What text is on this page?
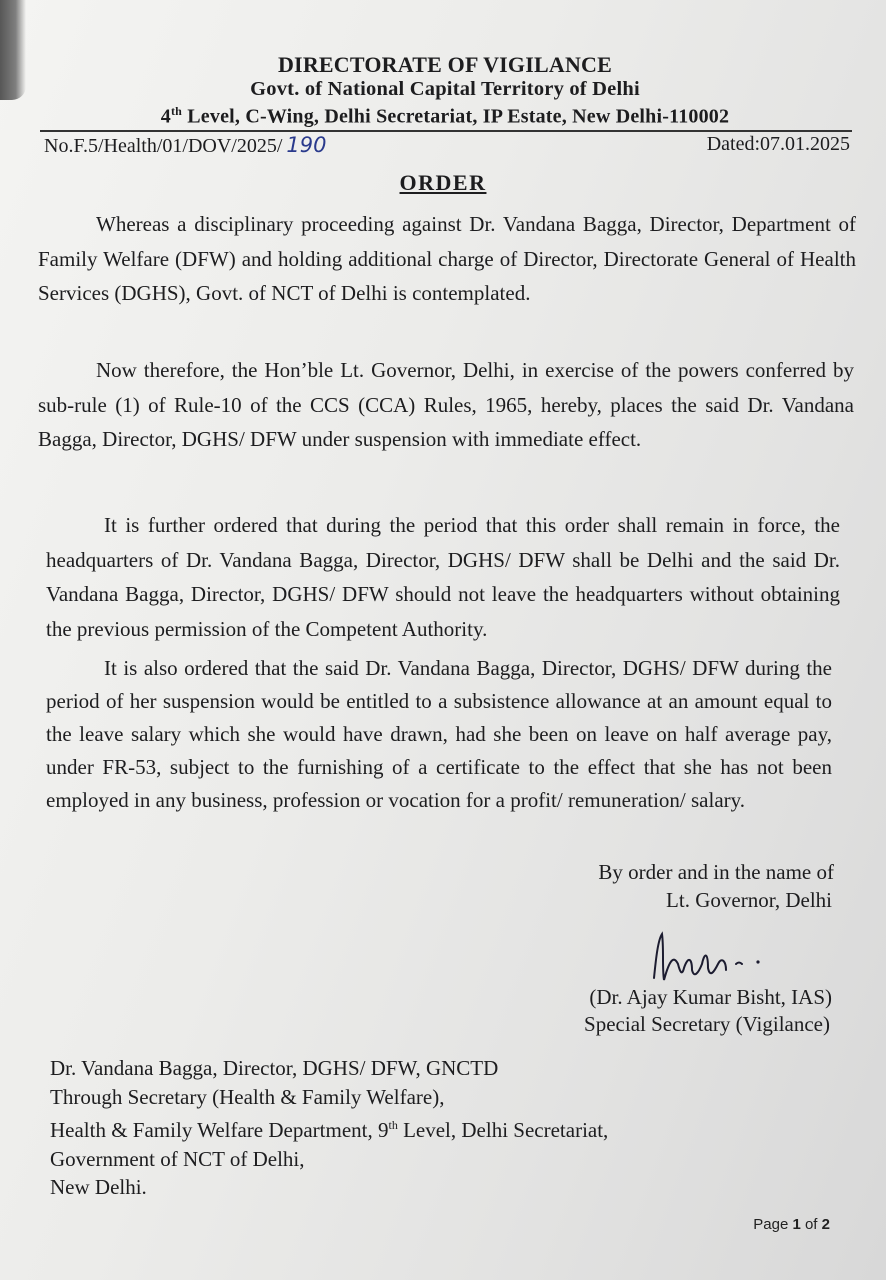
DIRECTORATE OF VIGILANCE
Govt. of National Capital Territory of Delhi
4th Level, C-Wing, Delhi Secretariat, IP Estate, New Delhi-110002
No.F.5/Health/01/DOV/2025/ 190	Dated:07.01.2025
ORDER
Whereas a disciplinary proceeding against Dr. Vandana Bagga, Director, Department of Family Welfare (DFW) and holding additional charge of Director, Directorate General of Health Services (DGHS), Govt. of NCT of Delhi is contemplated.
Now therefore, the Hon’ble Lt. Governor, Delhi, in exercise of the powers conferred by sub-rule (1) of Rule-10 of the CCS (CCA) Rules, 1965, hereby, places the said Dr. Vandana Bagga, Director, DGHS/ DFW under suspension with immediate effect.
It is further ordered that during the period that this order shall remain in force, the headquarters of Dr. Vandana Bagga, Director, DGHS/ DFW shall be Delhi and the said Dr. Vandana Bagga, Director, DGHS/ DFW should not leave the headquarters without obtaining the previous permission of the Competent Authority.
It is also ordered that the said Dr. Vandana Bagga, Director, DGHS/ DFW during the period of her suspension would be entitled to a subsistence allowance at an amount equal to the leave salary which she would have drawn, had she been on leave on half average pay, under FR-53, subject to the furnishing of a certificate to the effect that she has not been employed in any business, profession or vocation for a profit/ remuneration/ salary.
By order and in the name of
Lt. Governor, Delhi
(Dr. Ajay Kumar Bisht, IAS)
Special Secretary (Vigilance)
Dr. Vandana Bagga, Director, DGHS/ DFW, GNCTD
Through Secretary (Health & Family Welfare),
Health & Family Welfare Department, 9th Level, Delhi Secretariat,
Government of NCT of Delhi,
New Delhi.
Page 1 of 2
